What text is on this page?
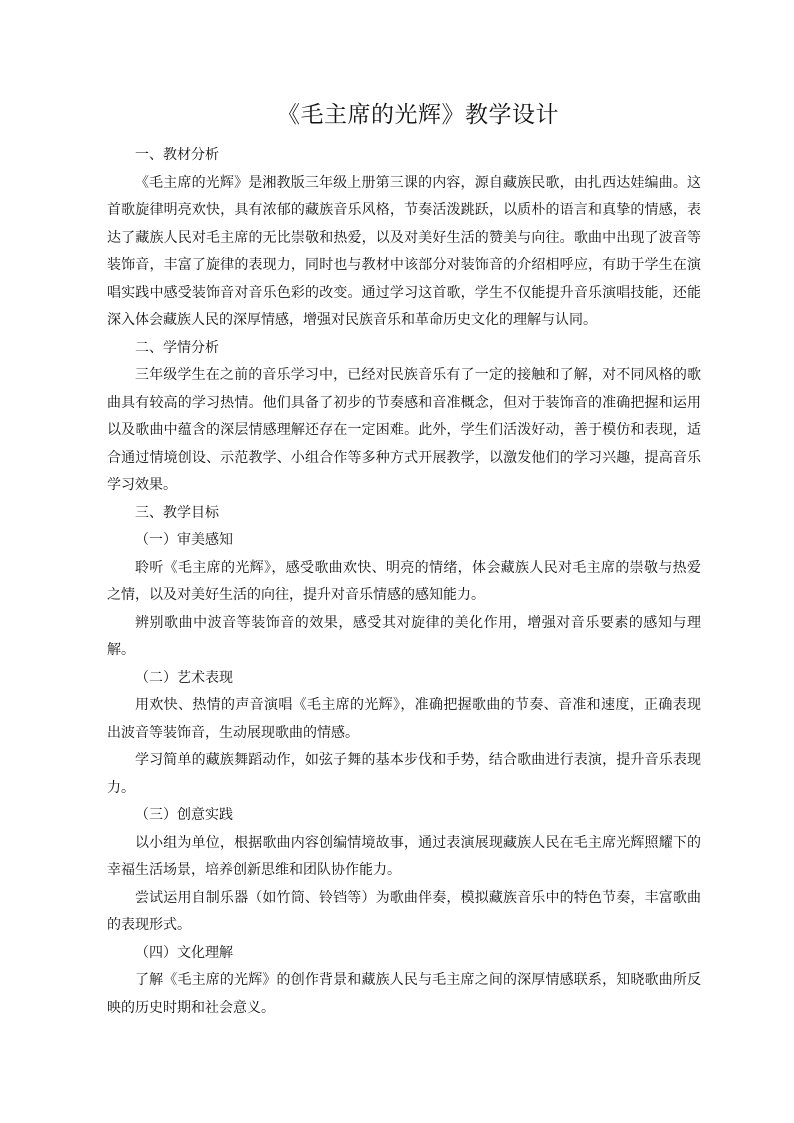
《毛主席的光辉》教学设计

一、教材分析

《毛主席的光辉》是湘教版三年级上册第三课的内容，源自藏族民歌，由扎西达娃编曲。这首歌旋律明亮欢快，具有浓郁的藏族音乐风格，节奏活泼跳跃，以质朴的语言和真挚的情感，表达了藏族人民对毛主席的无比崇敬和热爱，以及对美好生活的赞美与向往。歌曲中出现了波音等装饰音，丰富了旋律的表现力，同时也与教材中该部分对装饰音的介绍相呼应，有助于学生在演唱实践中感受装饰音对音乐色彩的改变。通过学习这首歌，学生不仅能提升音乐演唱技能，还能深入体会藏族人民的深厚情感，增强对民族音乐和革命历史文化的理解与认同。

二、学情分析

三年级学生在之前的音乐学习中，已经对民族音乐有了一定的接触和了解，对不同风格的歌曲具有较高的学习热情。他们具备了初步的节奏感和音准概念，但对于装饰音的准确把握和运用以及歌曲中蕴含的深层情感理解还存在一定困难。此外，学生们活泼好动，善于模仿和表现，适合通过情境创设、示范教学、小组合作等多种方式开展教学，以激发他们的学习兴趣，提高音乐学习效果。

三、教学目标

（一）审美感知

聆听《毛主席的光辉》，感受歌曲欢快、明亮的情绪，体会藏族人民对毛主席的崇敬与热爱之情，以及对美好生活的向往，提升对音乐情感的感知能力。

辨别歌曲中波音等装饰音的效果，感受其对旋律的美化作用，增强对音乐要素的感知与理解。

（二）艺术表现

用欢快、热情的声音演唱《毛主席的光辉》，准确把握歌曲的节奏、音准和速度，正确表现出波音等装饰音，生动展现歌曲的情感。

学习简单的藏族舞蹈动作，如弦子舞的基本步伐和手势，结合歌曲进行表演，提升音乐表现力。

（三）创意实践

以小组为单位，根据歌曲内容创编情境故事，通过表演展现藏族人民在毛主席光辉照耀下的幸福生活场景，培养创新思维和团队协作能力。

尝试运用自制乐器（如竹筒、铃铛等）为歌曲伴奏，模拟藏族音乐中的特色节奏，丰富歌曲的表现形式。

（四）文化理解

了解《毛主席的光辉》的创作背景和藏族人民与毛主席之间的深厚情感联系，知晓歌曲所反映的历史时期和社会意义。
